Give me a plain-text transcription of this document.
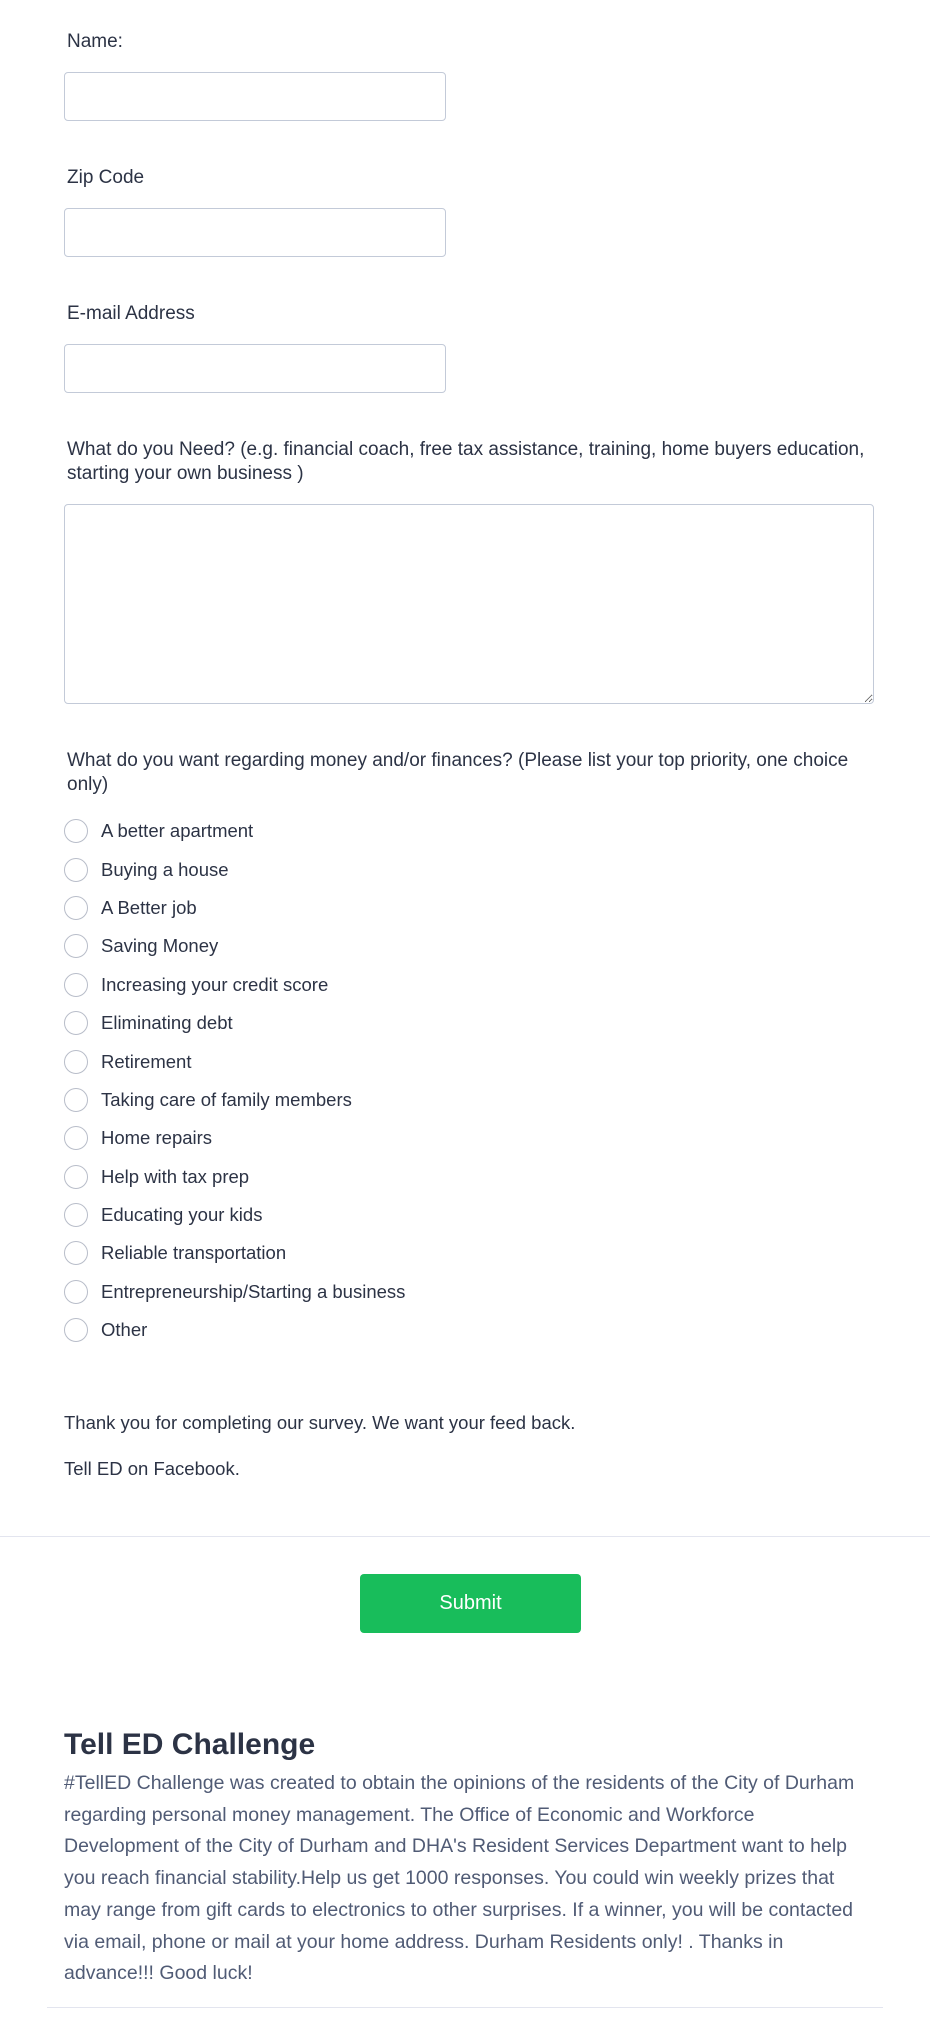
Name:
Zip Code
E-mail Address
What do you Need? (e.g. financial coach, free tax assistance, training, home buyers education, starting your own business )
What do you want regarding money and/or finances? (Please list your top priority, one choice only)
A better apartment
Buying a house
A Better job
Saving Money
Increasing your credit score
Eliminating debt
Retirement
Taking care of family members
Home repairs
Help with tax prep
Educating your kids
Reliable transportation
Entrepreneurship/Starting a business
Other
Thank you for completing our survey. We want your feed back.
Tell ED on Facebook.
Submit
Tell ED Challenge
#TellED Challenge was created to obtain the opinions of the residents of the City of Durham regarding personal money management. The Office of Economic and Workforce Development of the City of Durham and DHA's Resident Services Department want to help you reach financial stability.Help us get 1000 responses. You could win weekly prizes that may range from gift cards to electronics to other surprises. If a winner, you will be contacted via email, phone or mail at your home address. Durham Residents only! . Thanks in advance!!! Good luck!
